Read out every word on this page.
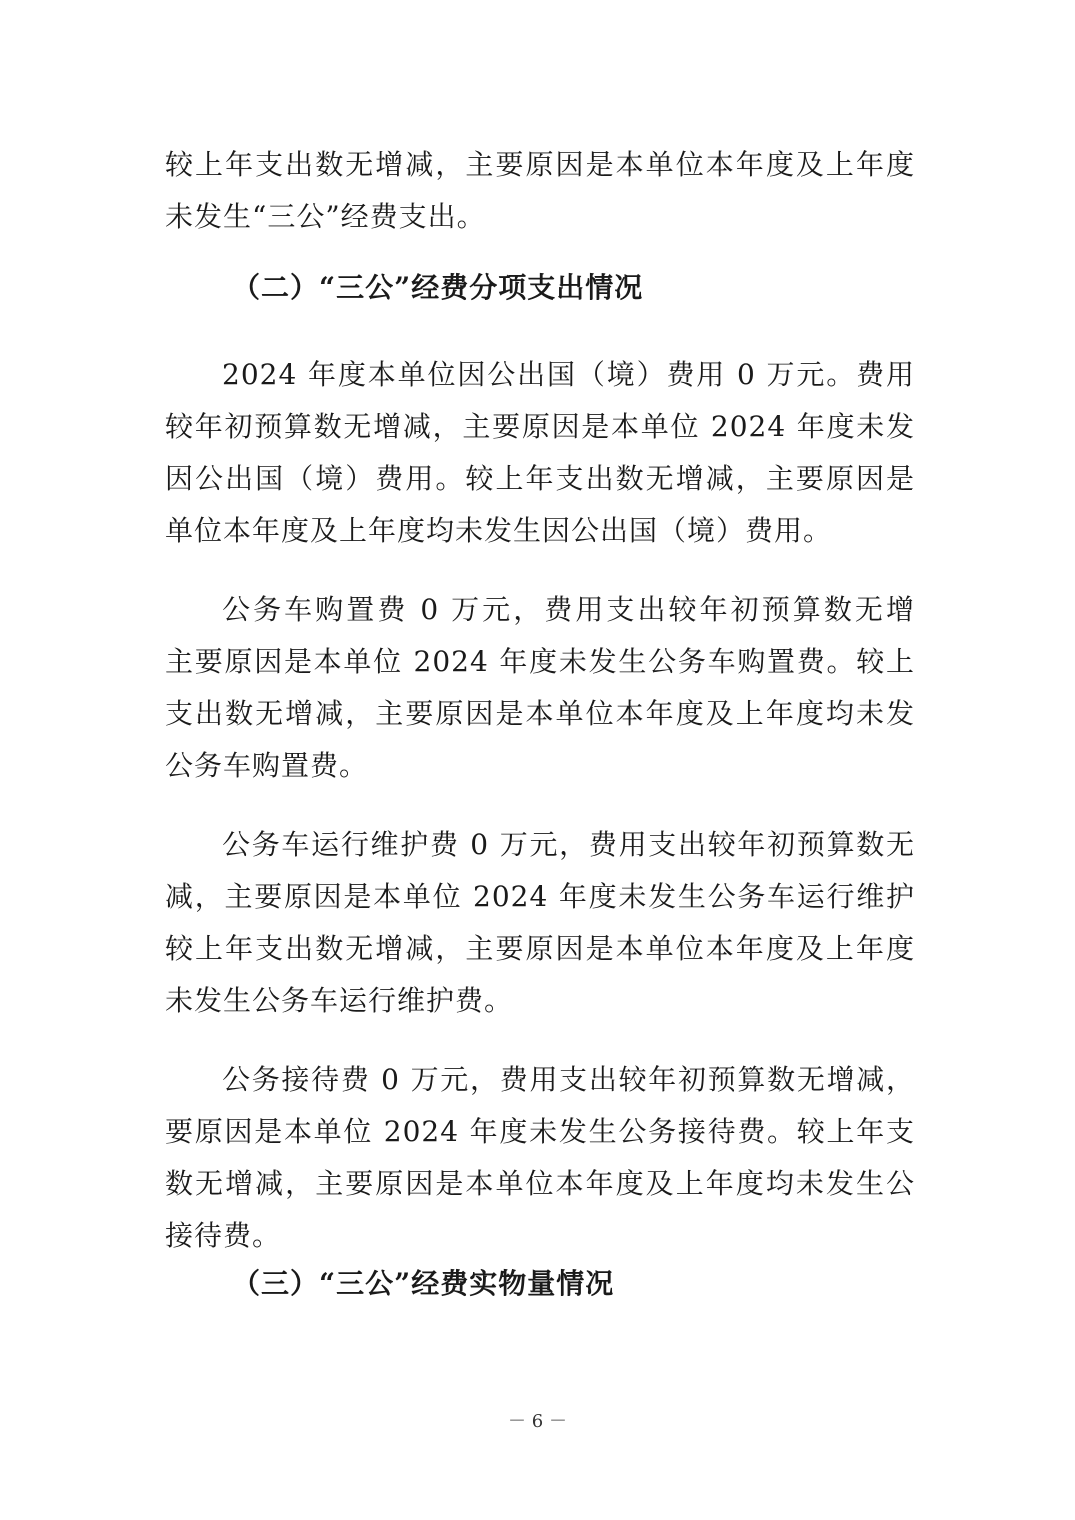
较上年支出数无增减，主要原因是本单位本年度及上年度
未发生“三公”经费支出。
（二）“三公”经费分项支出情况
2024 年度本单位因公出国（境）费用 0 万元。费用
较年初预算数无增减，主要原因是本单位 2024 年度未发
因公出国（境）费用。较上年支出数无增减，主要原因是
单位本年度及上年度均未发生因公出国（境）费用。
公务车购置费 0 万元，费用支出较年初预算数无增
主要原因是本单位 2024 年度未发生公务车购置费。较上
支出数无增减，主要原因是本单位本年度及上年度均未发
公务车购置费。
公务车运行维护费 0 万元，费用支出较年初预算数无
减，主要原因是本单位 2024 年度未发生公务车运行维护
较上年支出数无增减，主要原因是本单位本年度及上年度
未发生公务车运行维护费。
公务接待费 0 万元，费用支出较年初预算数无增减，
要原因是本单位 2024 年度未发生公务接待费。较上年支
数无增减，主要原因是本单位本年度及上年度均未发生公
接待费。
（三）“三公”经费实物量情况
－ 6 －
